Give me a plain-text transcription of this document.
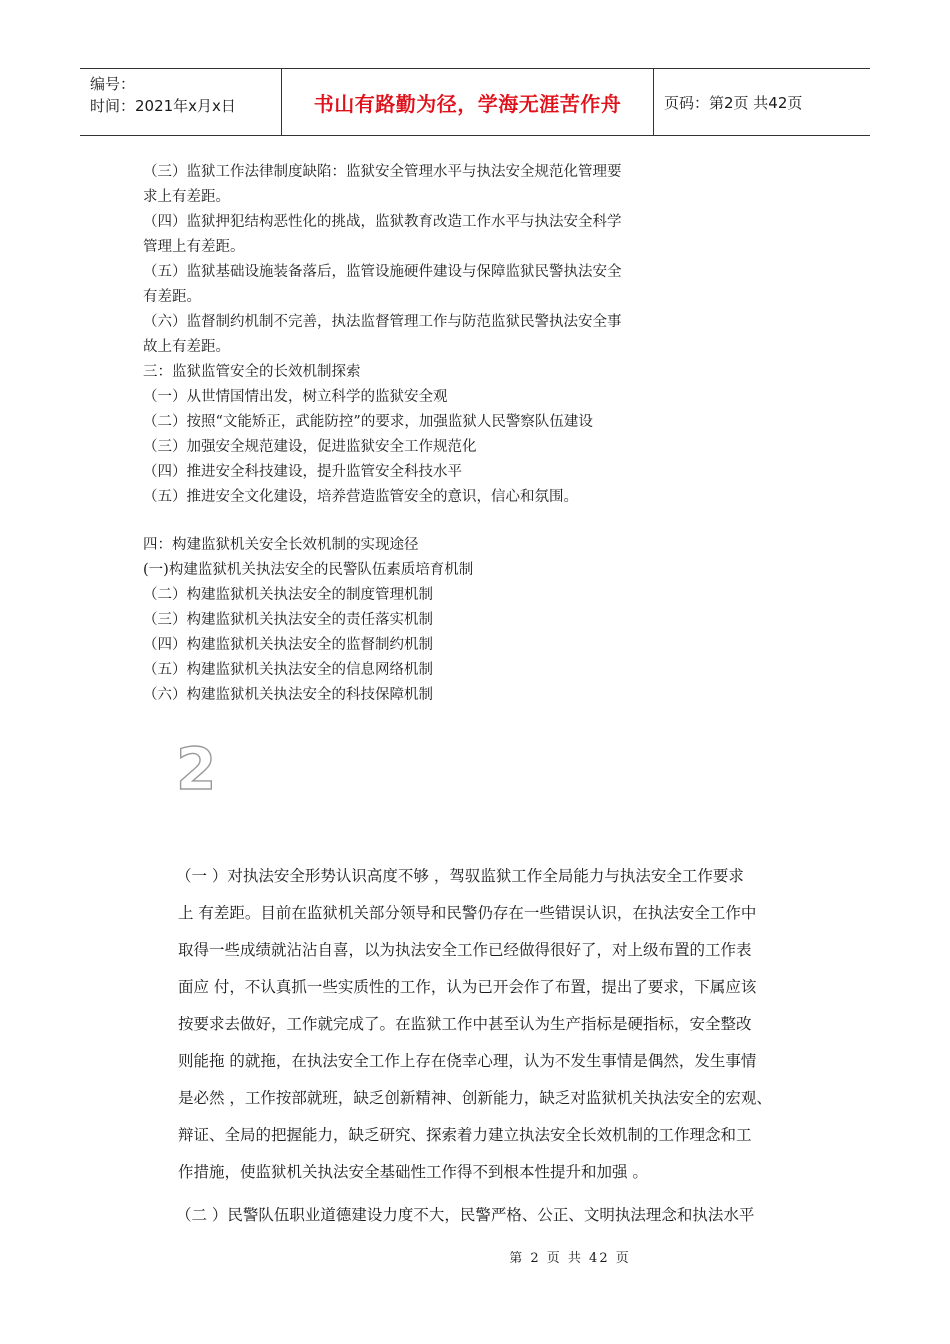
编号：
时间：2021年x月x日	书山有路勤为径，学海无涯苦作舟	页码：第2页 共42页
（三）监狱工作法律制度缺陷：监狱安全管理水平与执法安全规范化管理要
求上有差距。
（四）监狱押犯结构恶性化的挑战，监狱教育改造工作水平与执法安全科学
管理上有差距。
（五）监狱基础设施装备落后，监管设施硬件建设与保障监狱民警执法安全
有差距。
（六）监督制约机制不完善，执法监督管理工作与防范监狱民警执法安全事
故上有差距。
三：监狱监管安全的长效机制探索
（一）从世情国情出发，树立科学的监狱安全观
（二）按照“文能矫正，武能防控”的要求，加强监狱人民警察队伍建设
（三）加强安全规范建设，促进监狱安全工作规范化
（四）推进安全科技建设，提升监管安全科技水平
（五）推进安全文化建设，培养营造监管安全的意识，信心和氛围。
四：构建监狱机关安全长效机制的实现途径
(一)构建监狱机关执法安全的民警队伍素质培育机制
（二）构建监狱机关执法安全的制度管理机制
（三）构建监狱机关执法安全的责任落实机制
（四）构建监狱机关执法安全的监督制约机制
（五）构建监狱机关执法安全的信息网络机制
（六）构建监狱机关执法安全的科技保障机制
2
（一 ）对执法安全形势认识高度不够 ，驾驭监狱工作全局能力与执法安全工作要求
上 有差距。目前在监狱机关部分领导和民警仍存在一些错误认识，在执法安全工作中
取得一些成绩就沾沾自喜，以为执法安全工作已经做得很好了，对上级布置的工作表
面应 付，不认真抓一些实质性的工作，认为已开会作了布置，提出了要求，下属应该
按要求去做好，工作就完成了。在监狱工作中甚至认为生产指标是硬指标，安全整改
则能拖 的就拖，在执法安全工作上存在侥幸心理，认为不发生事情是偶然，发生事情
是必然 ，工作按部就班，缺乏创新精神、创新能力，缺乏对监狱机关执法安全的宏观、
辩证、全局的把握能力，缺乏研究、探索着力建立执法安全长效机制的工作理念和工
作措施，使监狱机关执法安全基础性工作得不到根本性提升和加强 。
（二 ）民警队伍职业道德建设力度不大，民警严格、公正、文明执法理念和执法水平
第 2 页 共 42 页
